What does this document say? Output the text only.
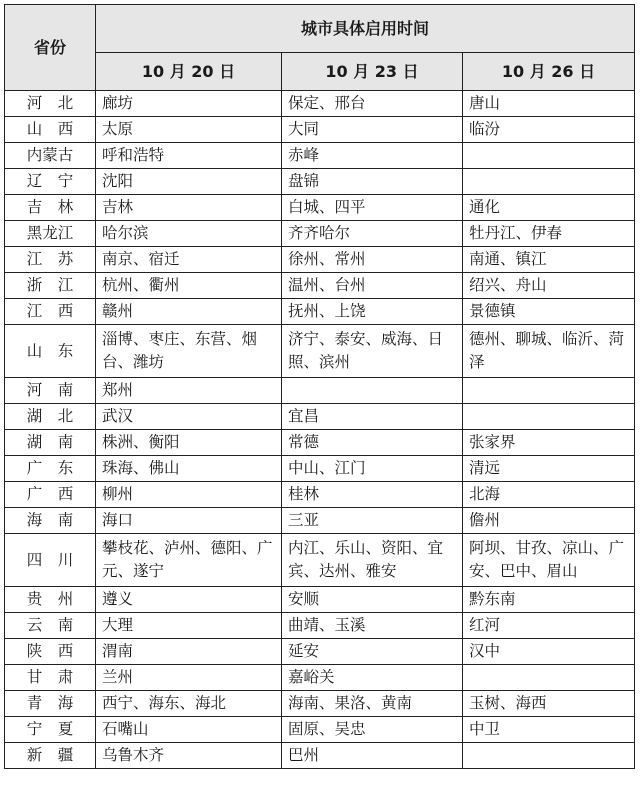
省份	城市具体启用时间		
	10 月 20 日	10 月 23 日	10 月 26 日
河　北	廊坊	保定、邢台	唐山
山　西	太原	大同	临汾
内蒙古	呼和浩特	赤峰	
辽　宁	沈阳	盘锦	
吉　林	吉林	白城、四平	通化
黑龙江	哈尔滨	齐齐哈尔	牡丹江、伊春
江　苏	南京、宿迁	徐州、常州	南通、镇江
浙　江	杭州、衢州	温州、台州	绍兴、舟山
江　西	赣州	抚州、上饶	景德镇
山　东	淄博、枣庄、东营、烟台、潍坊	济宁、泰安、威海、日照、滨州	德州、聊城、临沂、菏泽
河　南	郑州		
湖　北	武汉	宜昌	
湖　南	株洲、衡阳	常德	张家界
广　东	珠海、佛山	中山、江门	清远
广　西	柳州	桂林	北海
海　南	海口	三亚	儋州
四　川	攀枝花、泸州、德阳、广元、遂宁	内江、乐山、资阳、宜宾、达州、雅安	阿坝、甘孜、凉山、广安、巴中、眉山
贵　州	遵义	安顺	黔东南
云　南	大理	曲靖、玉溪	红河
陕　西	渭南	延安	汉中
甘　肃	兰州	嘉峪关	
青　海	西宁、海东、海北	海南、果洛、黄南	玉树、海西
宁　夏	石嘴山	固原、吴忠	中卫
新　疆	乌鲁木齐	巴州	
